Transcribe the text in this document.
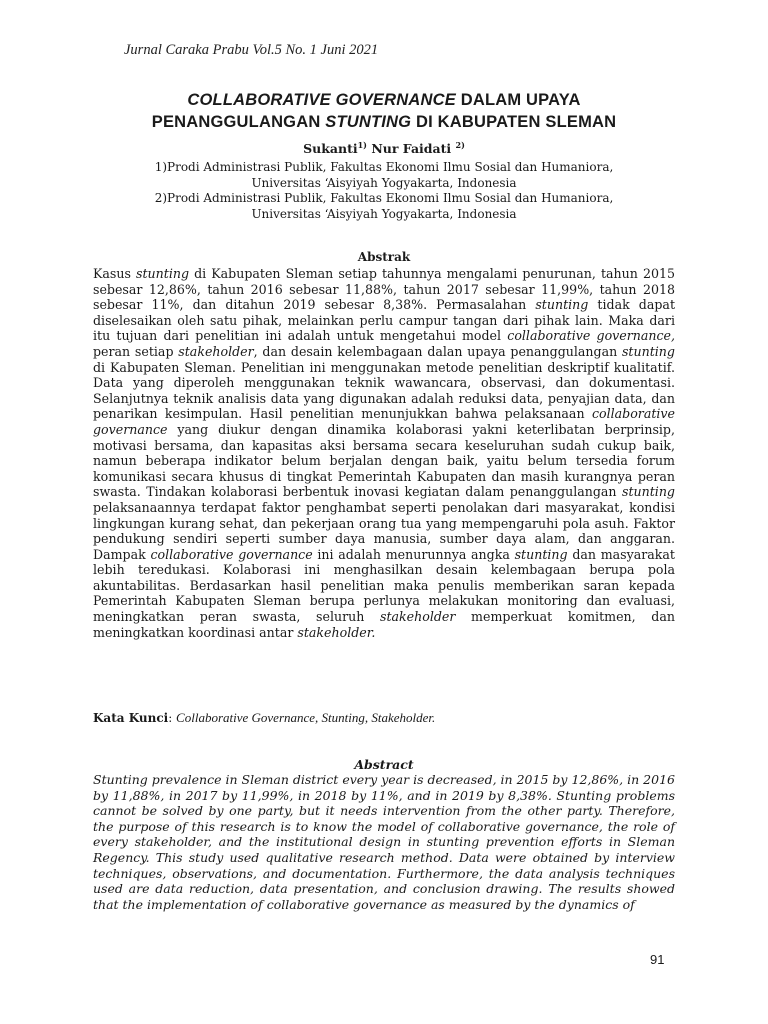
Jurnal Caraka Prabu Vol.5 No. 1 Juni 2021
COLLABORATIVE GOVERNANCE DALAM UPAYA
PENANGGULANGAN STUNTING DI KABUPATEN SLEMAN
Sukanti$^{1)}$ Nur Faidati $^{2)}$
1)Prodi Administrasi Publik, Fakultas Ekonomi Ilmu Sosial dan Humaniora,
Universitas ‘Aisyiyah Yogyakarta, Indonesia
2)Prodi Administrasi Publik, Fakultas Ekonomi Ilmu Sosial dan Humaniora,
Universitas ‘Aisyiyah Yogyakarta, Indonesia
Abstrak
Kasus stunting di Kabupaten Sleman setiap tahunnya mengalami penurunan, tahun 2015 sebesar 12,86%, tahun 2016 sebesar 11,88%, tahun 2017 sebesar 11,99%, tahun 2018 sebesar 11%, dan ditahun 2019 sebesar 8,38%. Permasalahan stunting tidak dapat diselesaikan oleh satu pihak, melainkan perlu campur tangan dari pihak lain. Maka dari itu tujuan dari penelitian ini adalah untuk mengetahui model collaborative governance, peran setiap stakeholder, dan desain kelembagaan dalan upaya penanggulangan stunting di Kabupaten Sleman. Penelitian ini menggunakan metode penelitian deskriptif kualitatif. Data yang diperoleh menggunakan teknik wawancara, observasi, dan dokumentasi. Selanjutnya teknik analisis data yang digunakan adalah reduksi data, penyajian data, dan penarikan kesimpulan. Hasil penelitian menunjukkan bahwa pelaksanaan collaborative governance yang diukur dengan dinamika kolaborasi yakni keterlibatan berprinsip, motivasi bersama, dan kapasitas aksi bersama secara keseluruhan sudah cukup baik, namun beberapa indikator belum berjalan dengan baik, yaitu belum tersedia forum komunikasi secara khusus di tingkat Pemerintah Kabupaten dan masih kurangnya peran swasta. Tindakan kolaborasi berbentuk inovasi kegiatan dalam penanggulangan stunting pelaksanaannya terdapat faktor penghambat seperti penolakan dari masyarakat, kondisi lingkungan kurang sehat, dan pekerjaan orang tua yang mempengaruhi pola asuh. Faktor pendukung sendiri seperti sumber daya manusia, sumber daya alam, dan anggaran. Dampak collaborative governance ini adalah menurunnya angka stunting dan masyarakat lebih teredukasi. Kolaborasi ini menghasilkan desain kelembagaan berupa pola akuntabilitas. Berdasarkan hasil penelitian maka penulis memberikan saran kepada Pemerintah Kabupaten Sleman berupa perlunya melakukan monitoring dan evaluasi, meningkatkan peran swasta, seluruh stakeholder memperkuat komitmen, dan meningkatkan koordinasi antar stakeholder.
Kata Kunci: Collaborative Governance, Stunting, Stakeholder.
Abstract
Stunting prevalence in Sleman district every year is decreased, in 2015 by 12,86%, in 2016 by 11,88%, in 2017 by 11,99%, in 2018 by 11%, and in 2019 by 8,38%. Stunting problems cannot be solved by one party, but it needs intervention from the other party. Therefore, the purpose of this research is to know the model of collaborative governance, the role of every stakeholder, and the institutional design in stunting prevention efforts in Sleman Regency. This study used qualitative research method. Data were obtained by interview techniques, observations, and documentation. Furthermore, the data analysis techniques used are data reduction, data presentation, and conclusion drawing. The results showed that the implementation of collaborative governance as measured by the dynamics of
91
